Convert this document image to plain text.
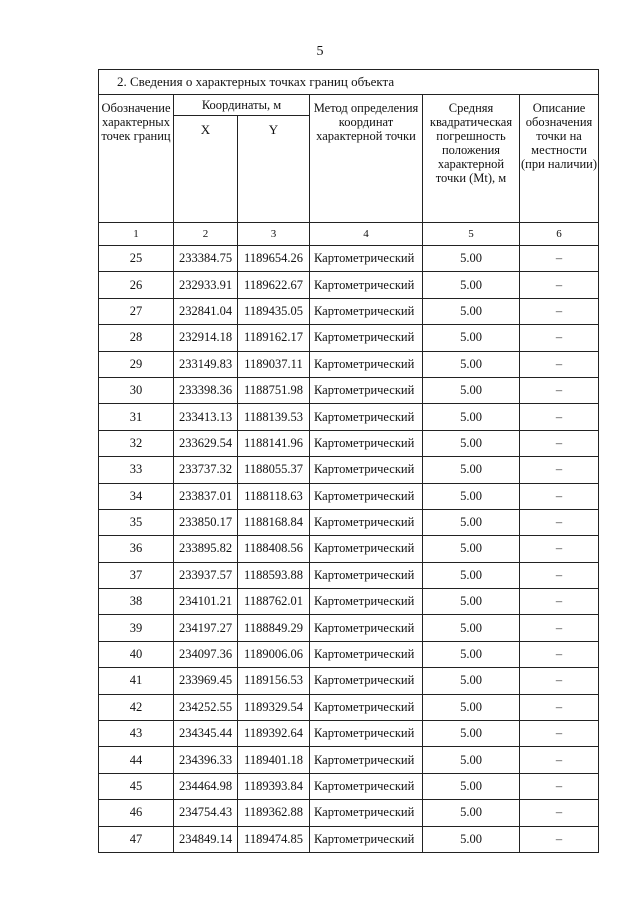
5
2. Сведения о характерных точках границ объекта					
Обозначение характерных точек границ	Координаты, м		Метод определения координат характерной точки	Средняя квадратическая погрешность положения характерной точки (Mt), м	Описание обозначения точки на местности (при наличии)
	X	Y			
1	2	3	4	5	6
25	233384.75	1189654.26	Картометрический	5.00	–
26	232933.91	1189622.67	Картометрический	5.00	–
27	232841.04	1189435.05	Картометрический	5.00	–
28	232914.18	1189162.17	Картометрический	5.00	–
29	233149.83	1189037.11	Картометрический	5.00	–
30	233398.36	1188751.98	Картометрический	5.00	–
31	233413.13	1188139.53	Картометрический	5.00	–
32	233629.54	1188141.96	Картометрический	5.00	–
33	233737.32	1188055.37	Картометрический	5.00	–
34	233837.01	1188118.63	Картометрический	5.00	–
35	233850.17	1188168.84	Картометрический	5.00	–
36	233895.82	1188408.56	Картометрический	5.00	–
37	233937.57	1188593.88	Картометрический	5.00	–
38	234101.21	1188762.01	Картометрический	5.00	–
39	234197.27	1188849.29	Картометрический	5.00	–
40	234097.36	1189006.06	Картометрический	5.00	–
41	233969.45	1189156.53	Картометрический	5.00	–
42	234252.55	1189329.54	Картометрический	5.00	–
43	234345.44	1189392.64	Картометрический	5.00	–
44	234396.33	1189401.18	Картометрический	5.00	–
45	234464.98	1189393.84	Картометрический	5.00	–
46	234754.43	1189362.88	Картометрический	5.00	–
47	234849.14	1189474.85	Картометрический	5.00	–
